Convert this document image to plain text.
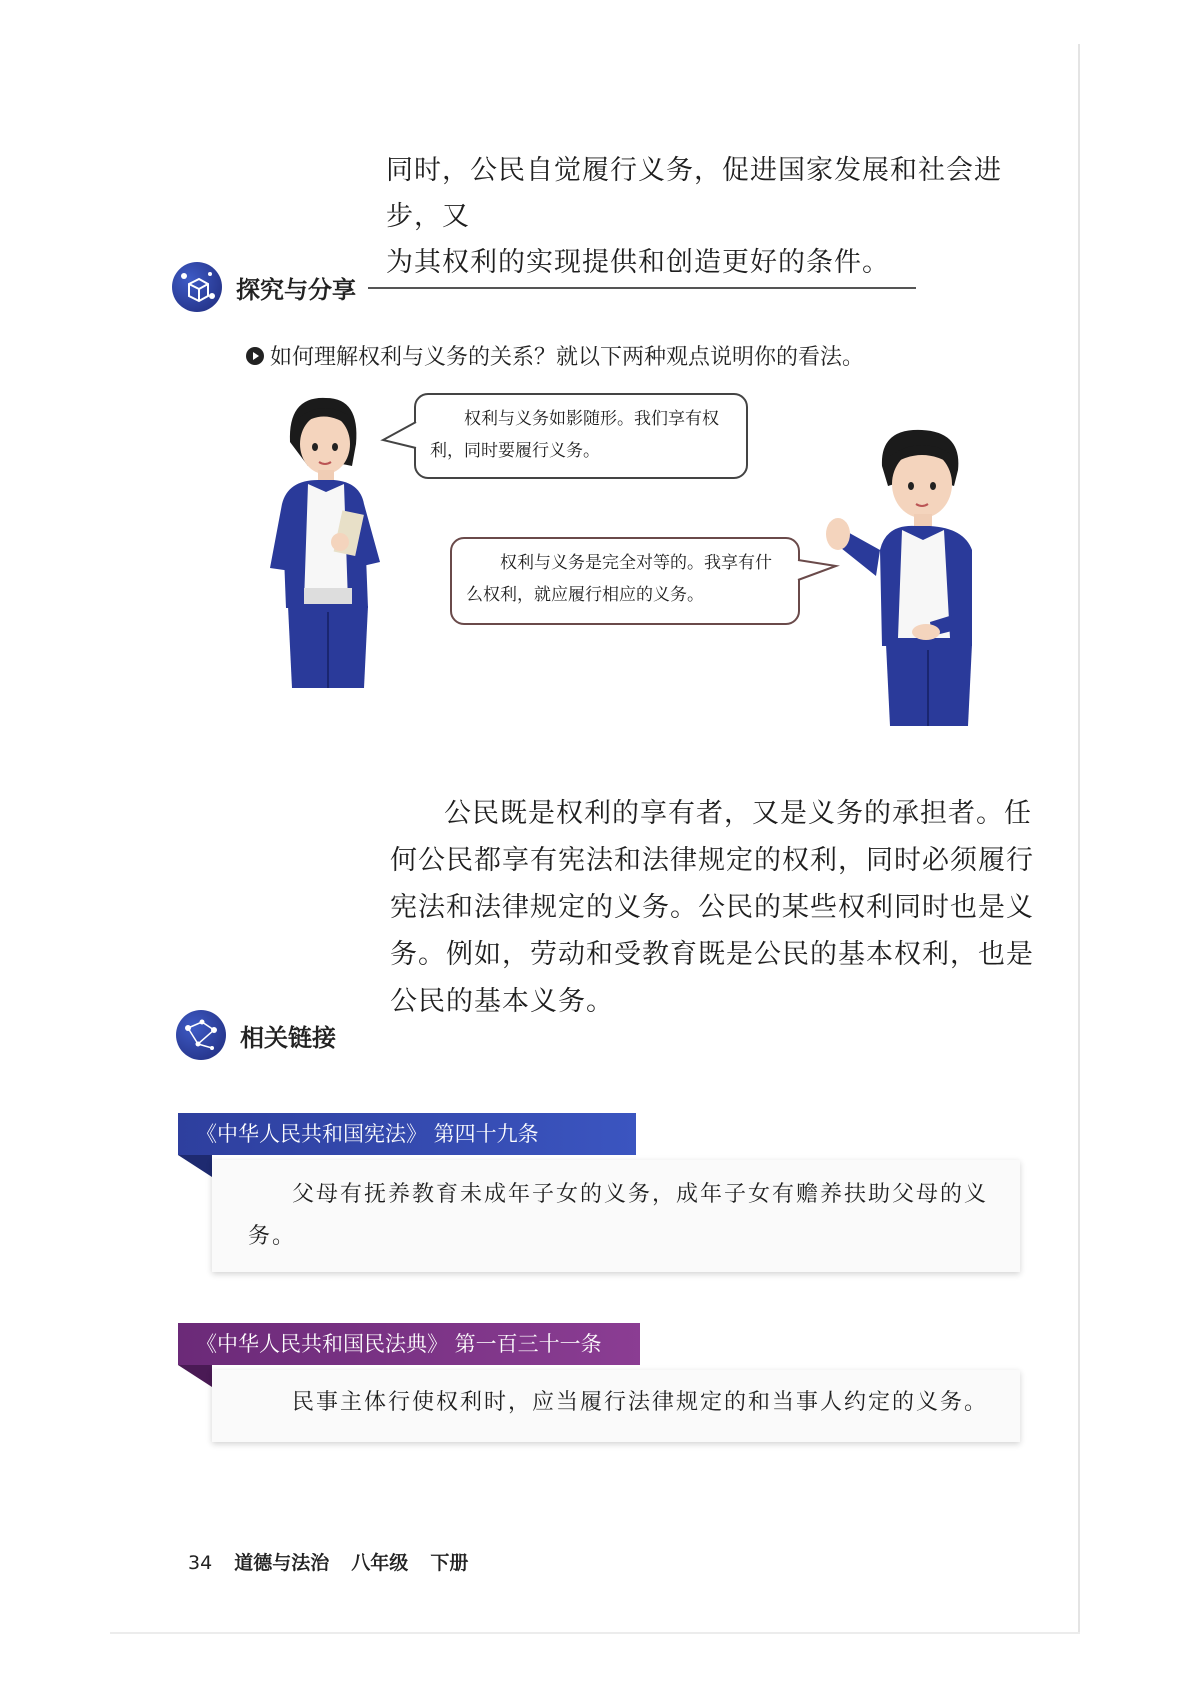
同时，公民自觉履行义务，促进国家发展和社会进步，又
为其权利的实现提供和创造更好的条件。
探究与分享
如何理解权利与义务的关系？就以下两种观点说明你的看法。
权利与义务如影随形。我们享有权利，同时要履行义务。
权利与义务是完全对等的。我享有什么权利，就应履行相应的义务。

公民既是权利的享有者，又是义务的承担者。任何公民都享有宪法和法律规定的权利，同时必须履行宪法和法律规定的义务。公民的某些权利同时也是义务。例如，劳动和受教育既是公民的基本权利，也是公民的基本义务。

相关链接
《中华人民共和国宪法》 第四十九条
父母有抚养教育未成年子女的义务，成年子女有赡养扶助父母的义务。
《中华人民共和国民法典》 第一百三十一条
民事主体行使权利时，应当履行法律规定的和当事人约定的义务。
34 道德与法治 八年级 下册
